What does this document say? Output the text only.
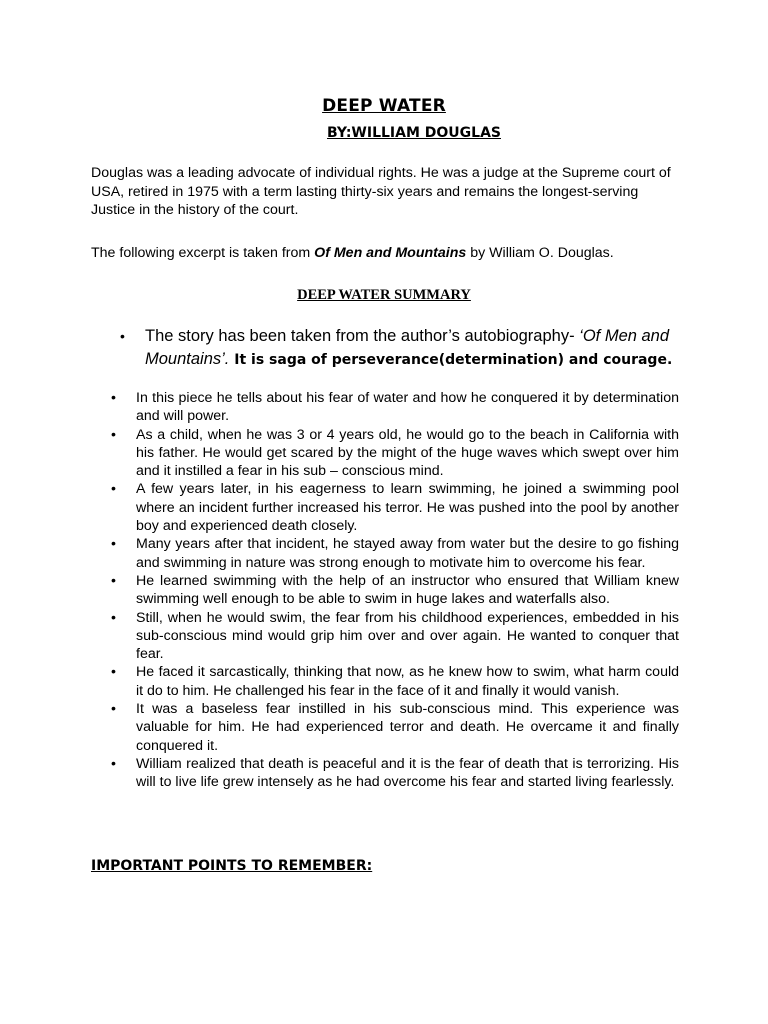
DEEP WATER
BY:WILLIAM DOUGLAS
Douglas was a leading advocate of individual rights. He was a judge at the Supreme court of USA, retired in 1975 with a term lasting thirty-six years and remains the longest-serving Justice in the history of the court.
The following excerpt is taken from Of Men and Mountains by William O. Douglas.
DEEP WATER SUMMARY
• The story has been taken from the author’s autobiography- ‘Of Men and Mountains’. It is saga of perseverance(determination) and courage.
• In this piece he tells about his fear of water and how he conquered it by determination and will power.
• As a child, when he was 3 or 4 years old, he would go to the beach in California with his father. He would get scared by the might of the huge waves which swept over him and it instilled a fear in his sub – conscious mind.
• A few years later, in his eagerness to learn swimming, he joined a swimming pool where an incident further increased his terror. He was pushed into the pool by another boy and experienced death closely.
• Many years after that incident, he stayed away from water but the desire to go fishing and swimming in nature was strong enough to motivate him to overcome his fear.
• He learned swimming with the help of an instructor who ensured that William knew swimming well enough to be able to swim in huge lakes and waterfalls also.
• Still, when he would swim, the fear from his childhood experiences, embedded in his sub-conscious mind would grip him over and over again. He wanted to conquer that fear.
• He faced it sarcastically, thinking that now, as he knew how to swim, what harm could it do to him. He challenged his fear in the face of it and finally it would vanish.
• It was a baseless fear instilled in his sub-conscious mind. This experience was valuable for him. He had experienced terror and death. He overcame it and finally conquered it.
• William realized that death is peaceful and it is the fear of death that is terrorizing. His will to live life grew intensely as he had overcome his fear and started living fearlessly.
IMPORTANT POINTS TO REMEMBER:
